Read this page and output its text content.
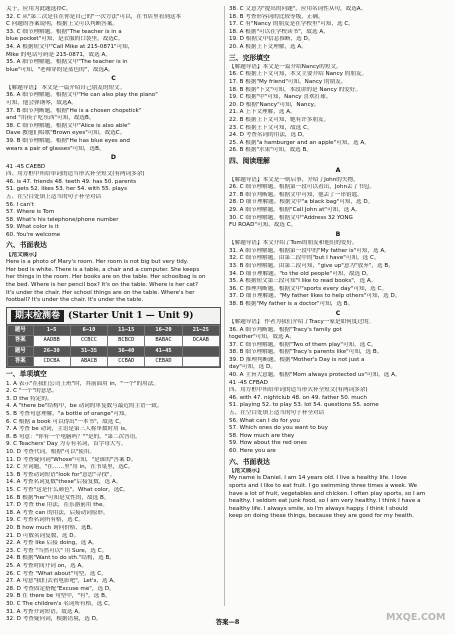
关于，应用为此题选择C。
32. C 从"第二次是在在你是自己的"一次方法"可以，在书店里看到这本
C 问题的答案说明，根据上文可以判断答案。
33. C 细节理解题。根据"The teacher is in a
blue pocket"可知，是衣服的口袋里，故选C。
34. A 根据短文中"Call Mike at 215-0871"可知，
Mike 的电话号码是 215-0871，故选 A。
35. A 细节理解题。根据文中"The teacher is in
blue"可知，"老师穿的是蓝色的"，故选A。
C
【解题导语】 本文是一篇介绍自己朋友的短文。
36. A 细节理解题。根据文中"He can also play the piano"
可知，他会弹钢琴，故选A。
37. B 细节判断题。根据"He is a chosen chopstick"
and "用筷子吃东西"可知，故选B。
38. C 细节理解题。根据文中"Alice is also able"
Dave 教他们唱歌"Brown eyes"可知，故选C。
39. B 细节理解题。根据"He has blue eyes and
wears a pair of glasses"可知，选B。
D
41 -45 CAEBD
四、用方框中所给单词的适当形式补全短文(有两词多余)
46. is 47. friends 48. teeth 49. has 50. parents
51. gets 52. likes 53. her 54. with 55. plays
五、在空白处填上适当的句子补全对话
56. I can't
57. Where is Tom
58. What's his telephone/phone number
59. What color is it
60. You're welcome
六、书面表达
【范文展示】
Here is a photo of Mary's room. Her room is not big but very tidy.
Her bed is white. There is a table, a chair and a computer. She keeps
her things in the room. Her books are on the table. Her schoolbag is on
the bed. Where is her pencil box? It's on the table. Where is her cat?
It's under the chair. Her school things are on the table. Where's her
football? It's under the chair. It's under the table.
期末检测卷 (Starter Unit 1 — Unit 9)
题号	1—5	6—10	11—15	16—20	21—25
答案	AADBB	CCBCC	BCBCD	BABAC	DCAAB
题号	26—30	31—35	36—40	41—45	
答案	CDCBA	ABACB	CCBAD	CEBAD	
一、单项填空
1. A 表示"在我们公司上班"时，其前面用 in，"一个"的用法。
2. C "一个"的意思。
3. D the 特定的。
4. A "there be"结构中，be 动词的单复数与最近的主语一致。
5. B 考查句意理解，"a bottle of orange"可知。
6. C 根据 a book 可以得出"一本书"，故选 C。
7. A 考查 be 动词，主语是第三人称单数时用 is。
8. B 句意："你有一个电脑吗？""是的。"第二次答语。
9. C Teachers' Day 为专有名词，首字母大写。
10. D 考查代词，根据"可以"使用。
11. D 考查疑问词"Whose"可知，"是谁的"答案 D。
12. C 介词题。"在……里"用 in，在书桌里，选C。
13. B 考查动词短语"look for"意思"寻找"。
14. A 考查名词复数"these"后接复数，选 A。
15. C 考查"这是什么颜色"，What color，选C。
16. B 根据"her"可知是女性的，故选 B。
17. D 考查 the 用法，在乐器前用 the。
18. A 考查 can 的用法，后接动词原形。
19. C 考查名词所有格，选 C。
20. B how much 询问价格，选B。
21. D 可数名词复数，选 D。
22. A 考查 like 后接 doing，选 A。
23. C 考查 "当然可以" 用 Sure，选 C。
24. B 根据"Want to do sth."结构，选 B。
25. A 考查时间介词 on，选 A。
26. C 考查 "What about"句型，选 C。
27. A 句意"我们去看电影吧"，Let's，选 A。
28. D 考查固定搭配"Excuse me"，选 D。
29. B 在 there be 句型中，"有"，选 B。
30. C The children's 名词所有格，选 C。
31. A 考查介词短语，故选 A。
32. D 考查疑问词，根据语境，选 D。
38. C 文意为"提出的问题"，应用名词性从句，故选A。
18. B 考查形容词的比较等级，正确。
17. C 有"Nancy 的朋友是在学校里"可知，选 C。
18. A 根据"可以在学校读书"，故选 A。
19. D 根据文中信息推断，选 D。
20. A 根据上下文理解，选 A。
三、完形填空
【解题导语】本文是一篇介绍Nancy的短文。
16. C 根据上下文可知，本文主要介绍 Nancy 的朋友。
17. B 根据"My friend"可知，Nancy 的朋友。
18. B 根据"下文"可知，本段讲的是 Nancy 的爱好。
19. C 根据"中"可知，Nancy 喜欢打球。
20. D 根据"Nancy"可知，Nancy。
21. A 上下文理解，选 A。
22. B 根据上下文可知，她有许多朋友。
23. C 根据上下文可知，故选 C。
24. D 考查名词的用法，选 D。
25. A 根据"a hamburger and an apple"可知，选 A。
26. B 根据"水果"可知，故选 B。
四、阅读理解
A
【解题导语】本文是一则启事，介绍了John的失物。
26. C 细节理解题。根据第一段可以看出，John丢了书包。
27. B 细节判断题。根据文中可知，他丢了一串钥匙。
28. D 细节理解题。根据文中"a black bag"可知，选 D。
29. A 细节理解题。根据"Call John at"可知，选 A。
30. C 细节理解题。根据文中"Address 32 YONG
FU ROAD"可知，故选 C。
B
【解题导语】本文介绍了Tom的朋友和他们的爱好。
31. A 细节理解题。根据第一段中的"My father is"可知，选 A。
32. C 细节理解题。由第二段中的"but I have"可知，选 C。
33. B 细节理解题。由第二段可知，"give up"意为"放弃"，选 B。
34. D 细节理解题。"to the old people"可知，故选 D。
35. A 根据短文第三段可知"I like to read books"，选 A。
36. C 推理判断题。根据文中"sports every day"可知，选 C。
37. D 细节理解题。"My father likes to help others"可知，选 D。
38. B 根据"My father is a doctor"可知，选 B。
C
【解题导语】 作者为我们介绍了Tracy一家是如何度过的。
36. A 细节判断题。根据"Tracy's family got
together"可知，故选 A。
37. C 细节理解题。根据"Two of them play"可知，选 C。
38. B 细节理解题。根据"Tracy's parents like"可知，选 B。
39. D 推理判断题。根据"Mother's Day is not just a
day"可知，选 D。
40. A 主旨大意题。根据"Mom always protected us"可知，选 A。
41 -45 CFBAD
四、用方框中所给单词的适当形式补全短文(有两词多余)
46. with 47. nightclub 48. on 49. father 50. much
51. playing 52. to play 53. lot 54. questions 55. some
五、在空白处填上适当的句子补全对话
56. What can I do for you
57. Which ones do you want to buy
58. How much are they
59. How about the red ones
60. Here you are
六、书面表达
【范文展示】
My name is Daniel. I am 14 years old. I live a healthy life. I love
sports and I like to eat fruit. I go swimming three times a week. We
have a lot of fruit, vegetables and chicken. I often play sports, so I am
healthy. I seldom eat junk food, so I am very healthy. I think I have a
healthy life. I always smile, so I'm always happy. I think I should
keep on doing these things, because they are good for my health.
答案—8	MXQE.COM
